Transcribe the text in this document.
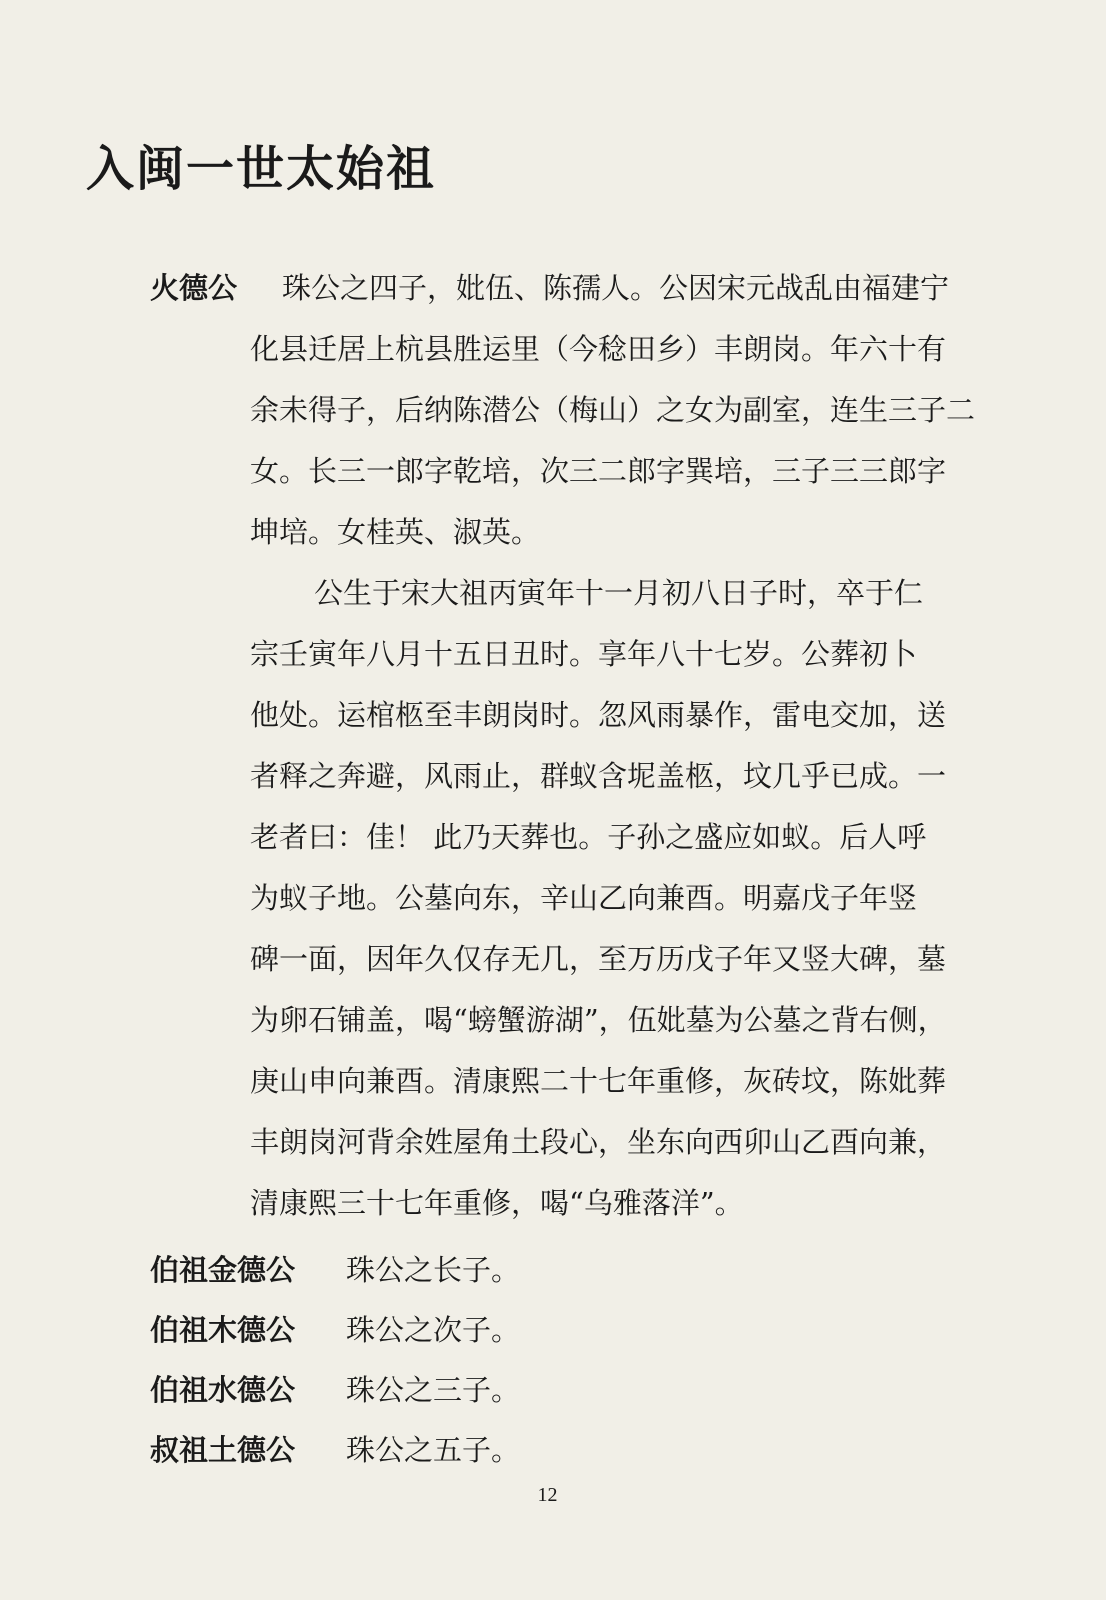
入闽一世太始祖
火德公	珠公之四子，妣伍、陈孺人。公因宋元战乱由福建宁
化县迁居上杭县胜运里（今稔田乡）丰朗岗。年六十有
余未得子，后纳陈潜公（梅山）之女为副室，连生三子二
女。长三一郎字乾培，次三二郎字巽培，三子三三郎字
坤培。女桂英、淑英。
公生于宋大祖丙寅年十一月初八日子时，卒于仁
宗壬寅年八月十五日丑时。享年八十七岁。公葬初卜
他处。运棺柩至丰朗岗时。忽风雨暴作，雷电交加，送
者释之奔避，风雨止，群蚁含坭盖柩，坟几乎已成。一
老者曰：佳！ 此乃天葬也。子孙之盛应如蚁。后人呼
为蚁子地。公墓向东，辛山乙向兼酉。明嘉戊子年竖
碑一面，因年久仅存无几，至万历戊子年又竖大碑，墓
为卵石铺盖，喝“螃蟹游湖”，伍妣墓为公墓之背右侧，
庚山申向兼酉。清康熙二十七年重修，灰砖坟，陈妣葬
丰朗岗河背余姓屋角土段心，坐东向西卯山乙酉向兼，
清康熙三十七年重修，喝“乌雅落洋”。
伯祖金德公 珠公之长子。
伯祖木德公 珠公之次子。
伯祖水德公 珠公之三子。
叔祖土德公 珠公之五子。
12
